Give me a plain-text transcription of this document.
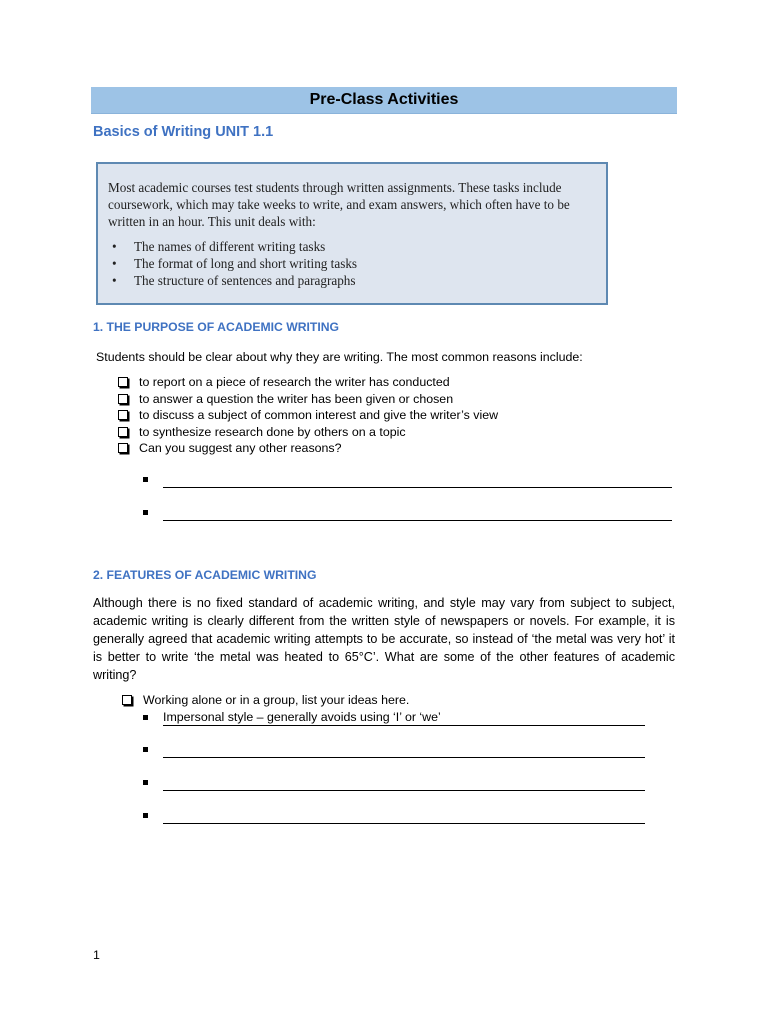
Pre-Class Activities
Basics of Writing UNIT 1.1

Most academic courses test students through written assignments. These tasks include coursework, which may take weeks to write, and exam answers, which often have to be written in an hour. This unit deals with:

• The names of different writing tasks
• The format of long and short writing tasks
• The structure of sentences and paragraphs
1. THE PURPOSE OF ACADEMIC WRITING
Students should be clear about why they are writing. The most common reasons include:
to report on a piece of research the writer has conducted
to answer a question the writer has been given or chosen
to discuss a subject of common interest and give the writer’s view
to synthesize research done by others on a topic
Can you suggest any other reasons?
2. FEATURES OF ACADEMIC WRITING
Although there is no fixed standard of academic writing, and style may vary from subject to subject, academic writing is clearly different from the written style of newspapers or novels. For example, it is generally agreed that academic writing attempts to be accurate, so instead of ‘the metal was very hot’ it is better to write ‘the metal was heated to 65°C’. What are some of the other features of academic writing?
Working alone or in a group, list your ideas here.
Impersonal style – generally avoids using ‘I’ or ‘we’
1
